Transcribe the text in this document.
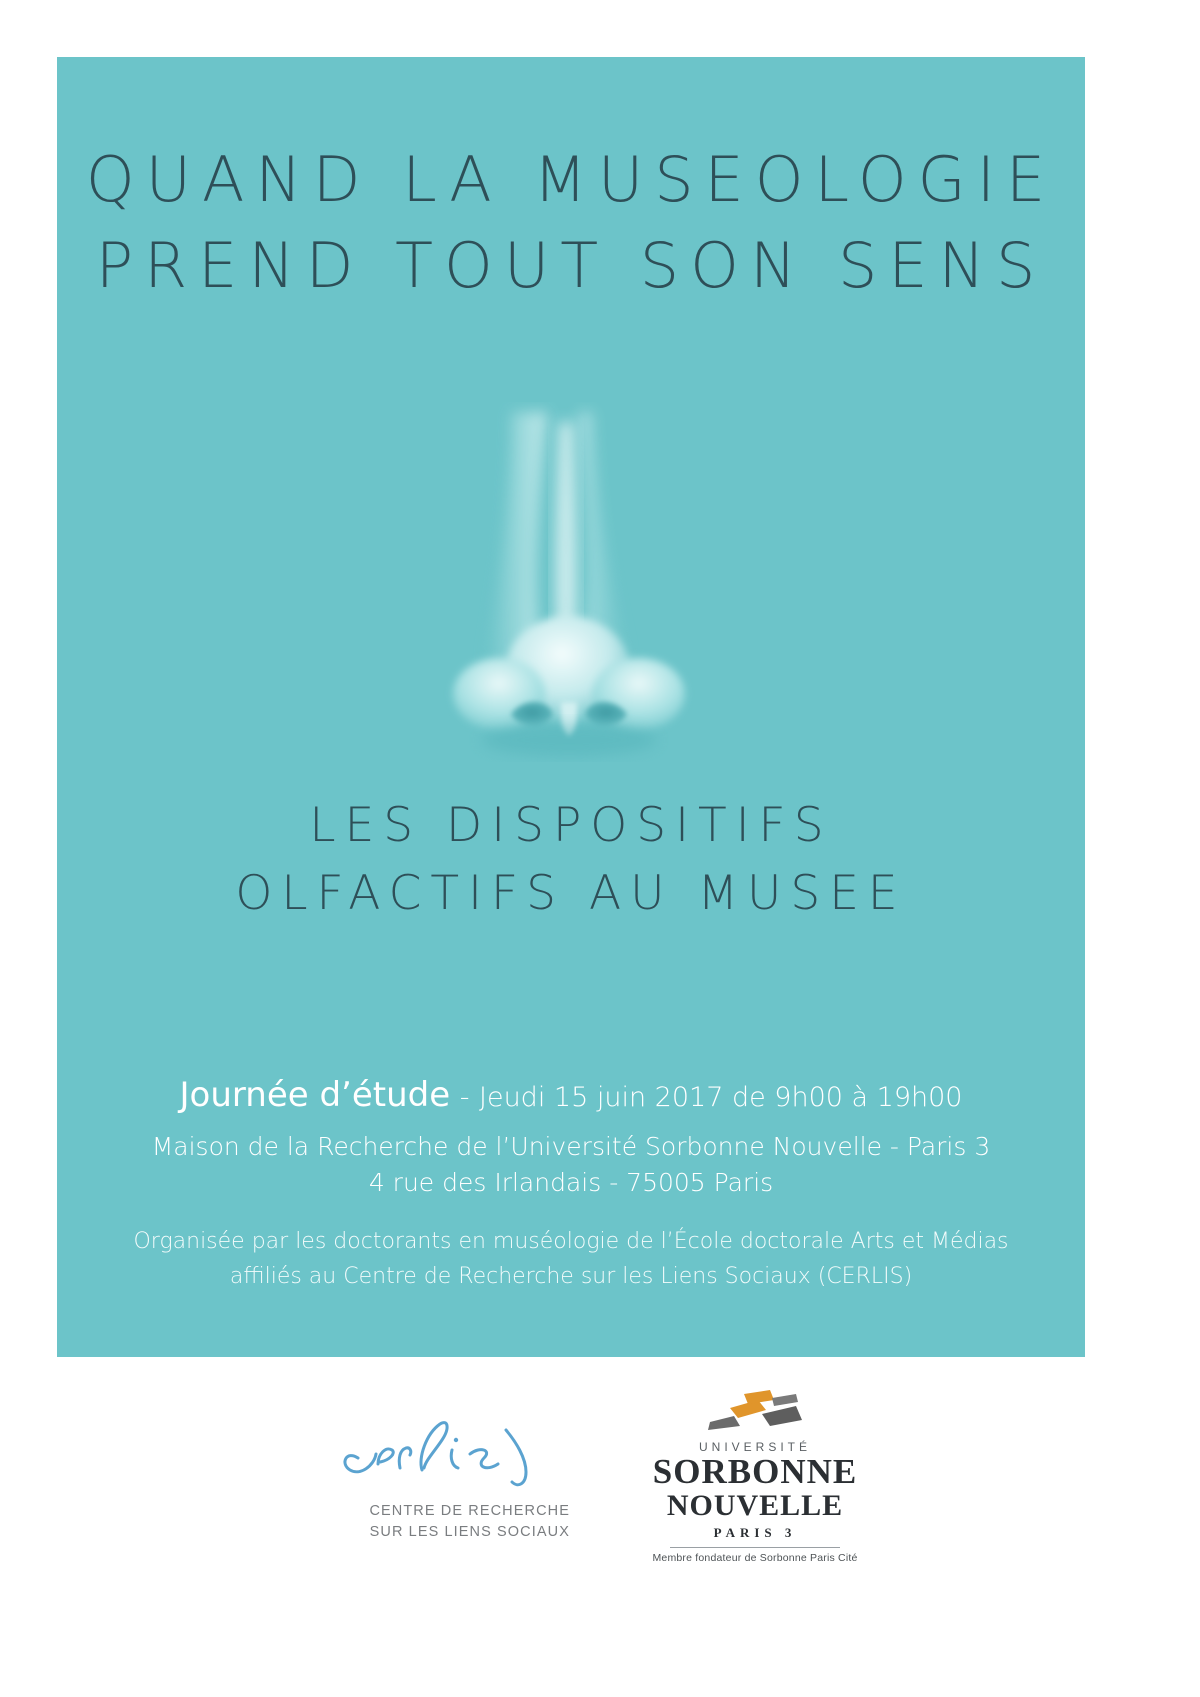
QUAND LA MUSEOLOGIE
PREND TOUT SON SENS
LES DISPOSITIFS
OLFACTIFS AU MUSEE
Journée d’étude - Jeudi 15 juin 2017 de 9h00 à 19h00
Maison de la Recherche de l’Université Sorbonne Nouvelle - Paris 3
4 rue des Irlandais - 75005 Paris
Organisée par les doctorants en muséologie de l’École doctorale Arts et Médias
affiliés au Centre de Recherche sur les Liens Sociaux (CERLIS)
CENTRE DE RECHERCHE
SUR LES LIENS SOCIAUX
UNIVERSITÉ
SORBONNE
NOUVELLE
PARIS 3
Membre fondateur de Sorbonne Paris Cité
